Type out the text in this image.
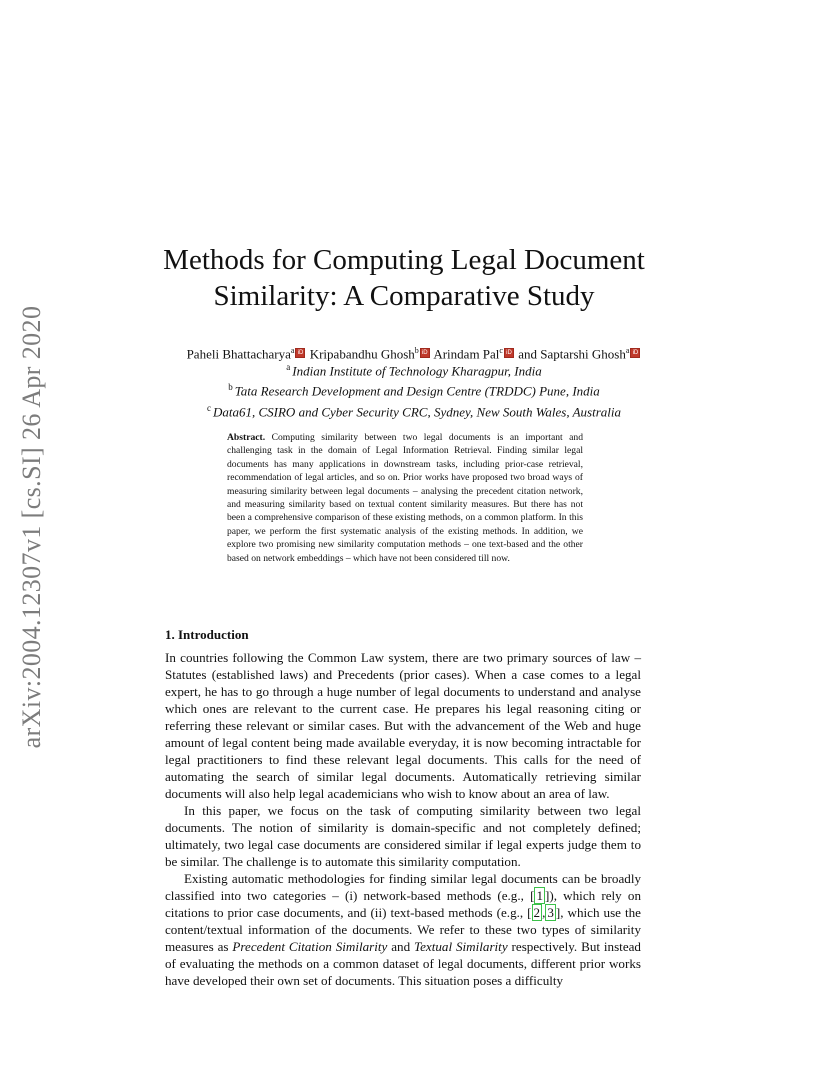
arXiv:2004.12307v1 [cs.SI] 26 Apr 2020
Methods for Computing Legal Document
Similarity: A Comparative Study
Paheli Bhattacharya$^a$ iD Kripabandhu Ghosh$^b$ iD Arindam Pal$^c$ iD and Saptarshi Ghosh$^a$ iD
$^a$ Indian Institute of Technology Kharagpur, India
$^b$ Tata Research Development and Design Centre (TRDDC) Pune, India
$^c$ Data61, CSIRO and Cyber Security CRC, Sydney, New South Wales, Australia
Abstract. Computing similarity between two legal documents is an important and challenging task in the domain of Legal Information Retrieval. Finding similar legal documents has many applications in downstream tasks, including prior-case retrieval, recommendation of legal articles, and so on. Prior works have proposed two broad ways of measuring similarity between legal documents – analysing the precedent citation network, and measuring similarity based on textual content similarity measures. But there has not been a comprehensive comparison of these existing methods, on a common platform. In this paper, we perform the first systematic analysis of the existing methods. In addition, we explore two promising new similarity computation methods – one text-based and the other based on network embeddings – which have not been considered till now.
1. Introduction

In countries following the Common Law system, there are two primary sources of law – Statutes (established laws) and Precedents (prior cases). When a case comes to a legal expert, he has to go through a huge number of legal documents to understand and analyse which ones are relevant to the current case. He prepares his legal reasoning citing or referring these relevant or similar cases. But with the advancement of the Web and huge amount of legal content being made available everyday, it is now becoming intractable for legal practitioners to find these relevant legal documents. This calls for the need of automating the search of similar legal documents. Automatically retrieving similar documents will also help legal academicians who wish to know about an area of law.

In this paper, we focus on the task of computing similarity between two legal documents. The notion of similarity is domain-specific and not completely defined; ultimately, two legal case documents are considered similar if legal experts judge them to be similar. The challenge is to automate this similarity computation.

Existing automatic methodologies for finding similar legal documents can be broadly classified into two categories – (i) network-based methods (e.g., [ 1 ]), which rely on citations to prior case documents, and (ii) text-based methods (e.g., [ 2 , 3 ], which use the content/textual information of the documents. We refer to these two types of similarity measures as Precedent Citation Similarity and Textual Similarity respectively. But instead of evaluating the methods on a common dataset of legal documents, different prior works have developed their own set of documents. This situation poses a difficulty
